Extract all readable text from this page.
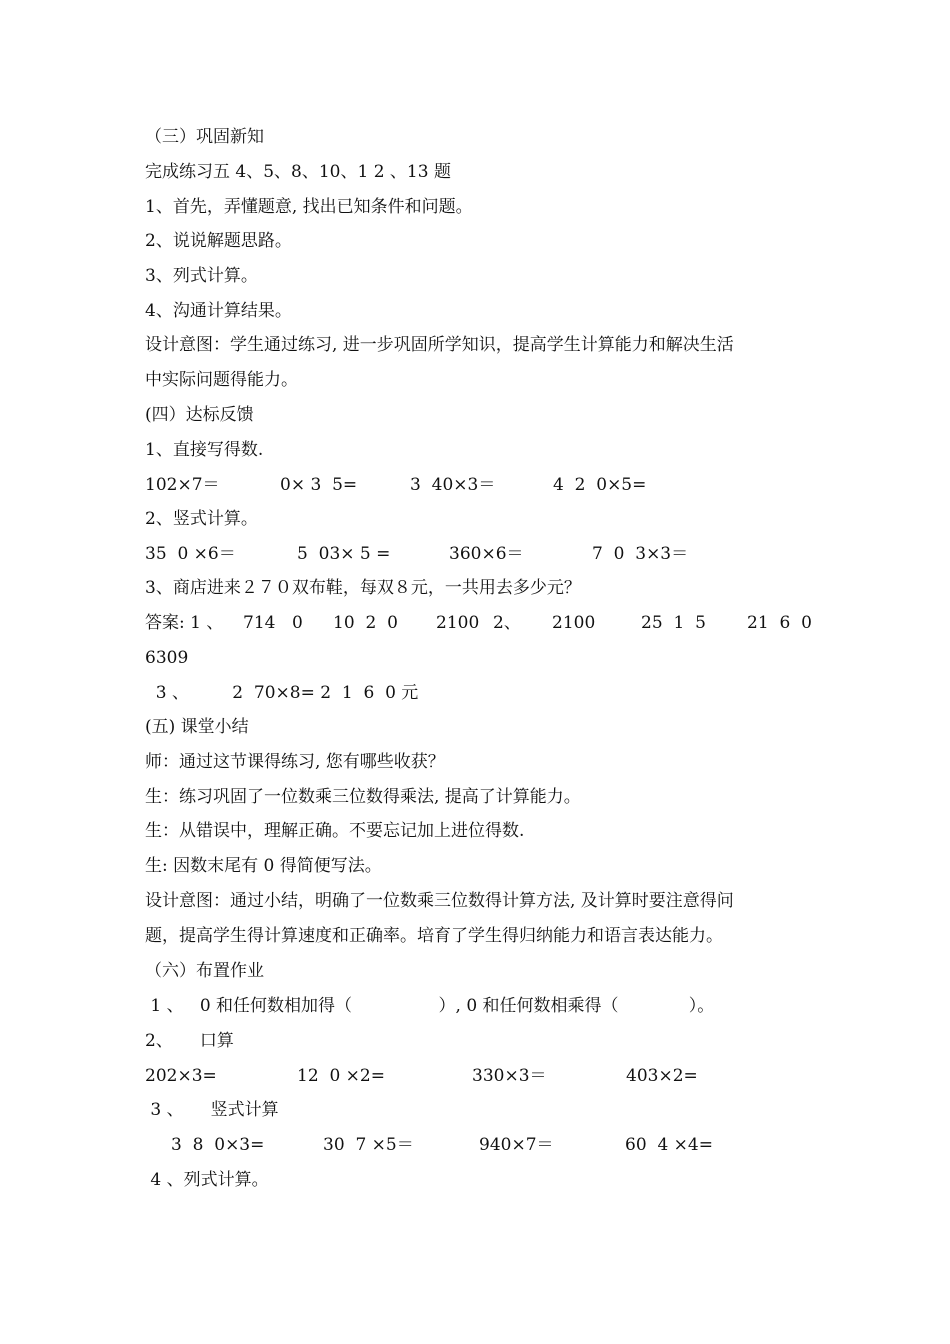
（三）巩固新知
完成练习五 4、5、8、10、1 2 、13 题
1、首先，弄懂题意, 找出已知条件和问题。
2、说说解题思路。
3、列式计算。
4、沟通计算结果。
设计意图：学生通过练习, 进一步巩固所学知识，提高学生计算能力和解决生活
中实际问题得能力。
(四）达标反馈
1、直接写得数.
102×7＝	0× 3  5=	3  40×3＝	4  2  0×5=
2、竖式计算。
35  0 ×6＝	5  03× 5 =	360×6＝	7  0  3×3＝
3、商店进来２７０双布鞋，每双８元，一共用去多少元？
答案: 1 、 714 0 10  2  0 2100 2、 2100	25  1  5 21  6  0
6309
3 、        2  70×8= 2  1  6  0 元
(五) 课堂小结
师：通过这节课得练习, 您有哪些收获？
生：练习巩固了一位数乘三位数得乘法, 提高了计算能力。
生：从错误中，理解正确。不要忘记加上进位得数.
生: 因数末尾有 0 得简便写法。
设计意图：通过小结，明确了一位数乘三位数得计算方法, 及计算时要注意得问
题，提高学生得计算速度和正确率。培育了学生得归纳能力和语言表达能力。
（六）布置作业
1 、   0 和任何数相加得（                ）, 0 和任何数相乘得（             ）。
2、     口算
202×3=	12  0 ×2=	330×3＝	403×2=
3 、     竖式计算
3  8  0×3=	30  7 ×5＝	940×7＝	60  4 ×4=
4 、列式计算。
